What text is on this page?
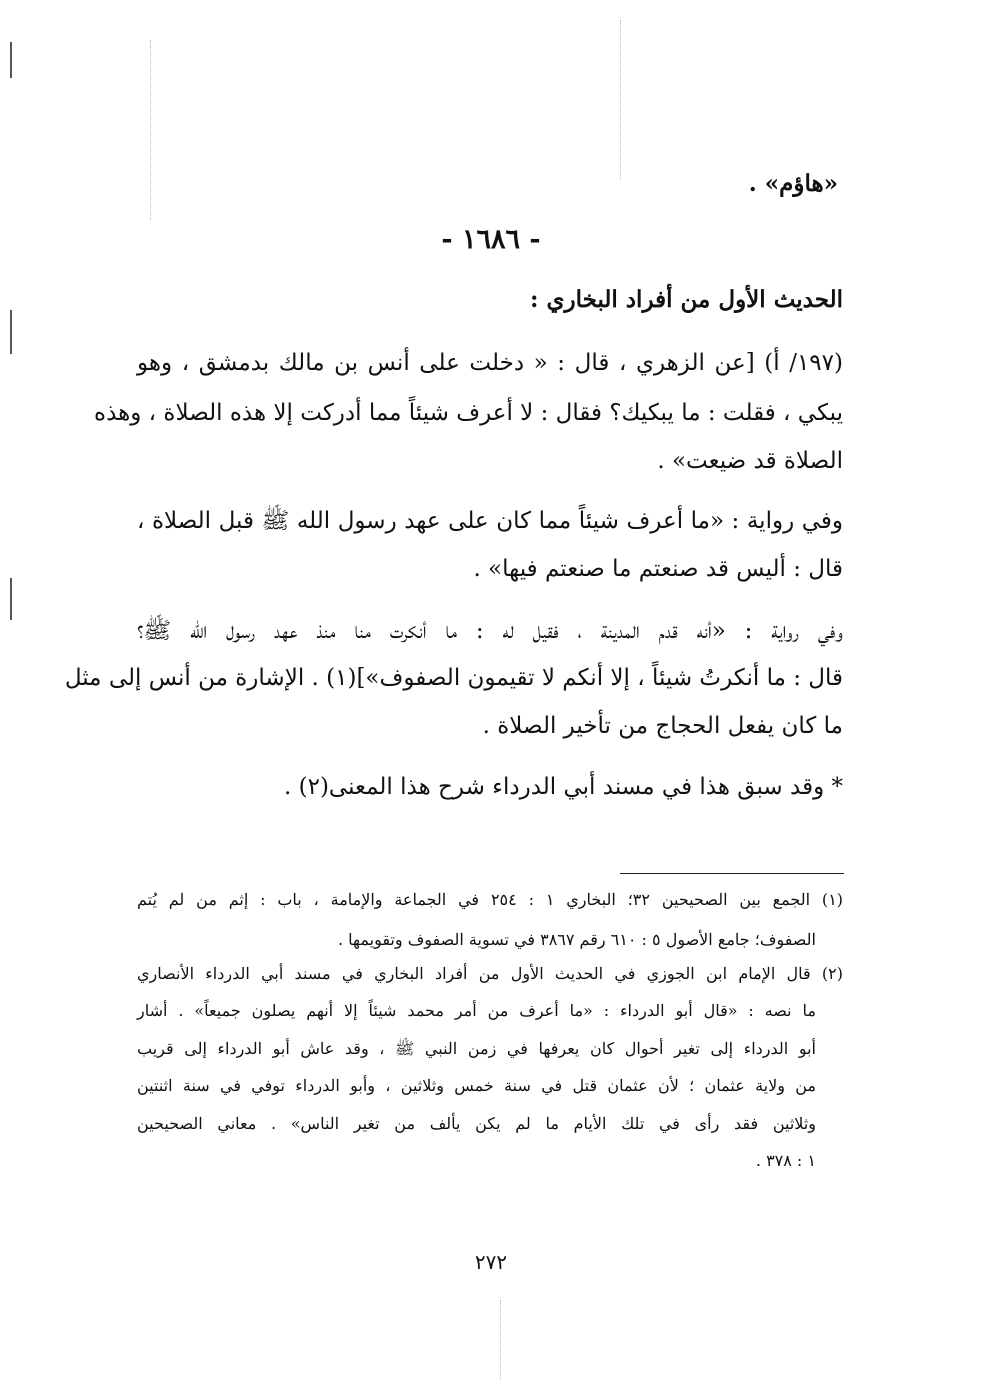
«هاؤم» .
- ١٦٨٦ -
الحديث الأول من أفراد البخاري :
(١٩٧/ أ) [عن الزهري ، قال : « دخلت على أنس بن مالك بدمشق ، وهو
يبكي ، فقلت : ما يبكيك؟ فقال : لا أعرف شيئاً مما أدركت إلا هذه الصلاة ، وهذه
الصلاة قد ضيعت» .
وفي رواية : «ما أعرف شيئاً مما كان على عهد رسول الله ﷺ قبل الصلاة ،
قال : أليس قد صنعتم ما صنعتم فيها» .
وفي رواية : «أنه قدم المدينة ، فقيل له : ما أنكرت منا منذ عهد رسول الله ﷺ؟
قال : ما أنكرتُ شيئاً ، إلا أنكم لا تقيمون الصفوف»](١) . الإشارة من أنس إلى مثل
ما كان يفعل الحجاج من تأخير الصلاة .
* وقد سبق هذا في مسند أبي الدرداء شرح هذا المعنى(٢) .
(١) الجمع بين الصحيحين ٣٢؛ البخاري ١ : ٢٥٤ في الجماعة والإمامة ، باب : إثم من لم يُتم
الصفوف؛ جامع الأصول ٥ : ٦١٠ رقم ٣٨٦٧ في تسوية الصفوف وتقويمها .
(٢) قال الإمام ابن الجوزي في الحديث الأول من أفراد البخاري في مسند أبي الدرداء الأنصاري
ما نصه : «قال أبو الدرداء : «ما أعرف من أمر محمد شيئاً إلا أنهم يصلون جميعاً» . أشار
أبو الدرداء إلى تغير أحوال كان يعرفها في زمن النبي ﷺ ، وقد عاش أبو الدرداء إلى قريب
من ولاية عثمان ؛ لأن عثمان قتل في سنة خمس وثلاثين ، وأبو الدرداء توفي في سنة اثنتين
وثلاثين فقد رأى في تلك الأيام ما لم يكن يألف من تغير الناس» . معاني الصحيحين
١ : ٣٧٨ .
٢٧٢
